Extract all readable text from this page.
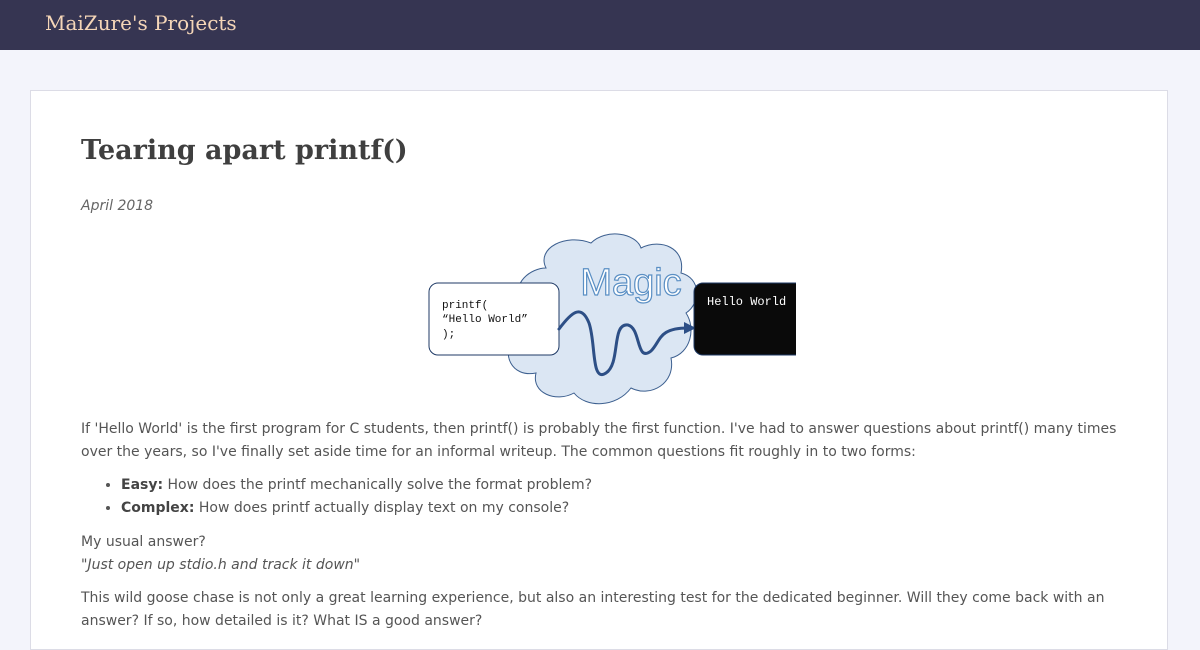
MaiZure's Projects
Tearing apart printf()
April 2018
Magic
printf(
“Hello World”
);
Hello World

If 'Hello World' is the first program for C students, then printf() is probably the first function. I've had to answer questions about printf() many times over the years, so I've finally set aside time for an informal writeup. The common questions fit roughly in to two forms:

• Easy: How does the printf mechanically solve the format problem?
• Complex: How does printf actually display text on my console?

My usual answer?

"Just open up stdio.h and track it down"

This wild goose chase is not only a great learning experience, but also an interesting test for the dedicated beginner. Will they come back with an answer? If so, how detailed is it? What IS a good answer?
